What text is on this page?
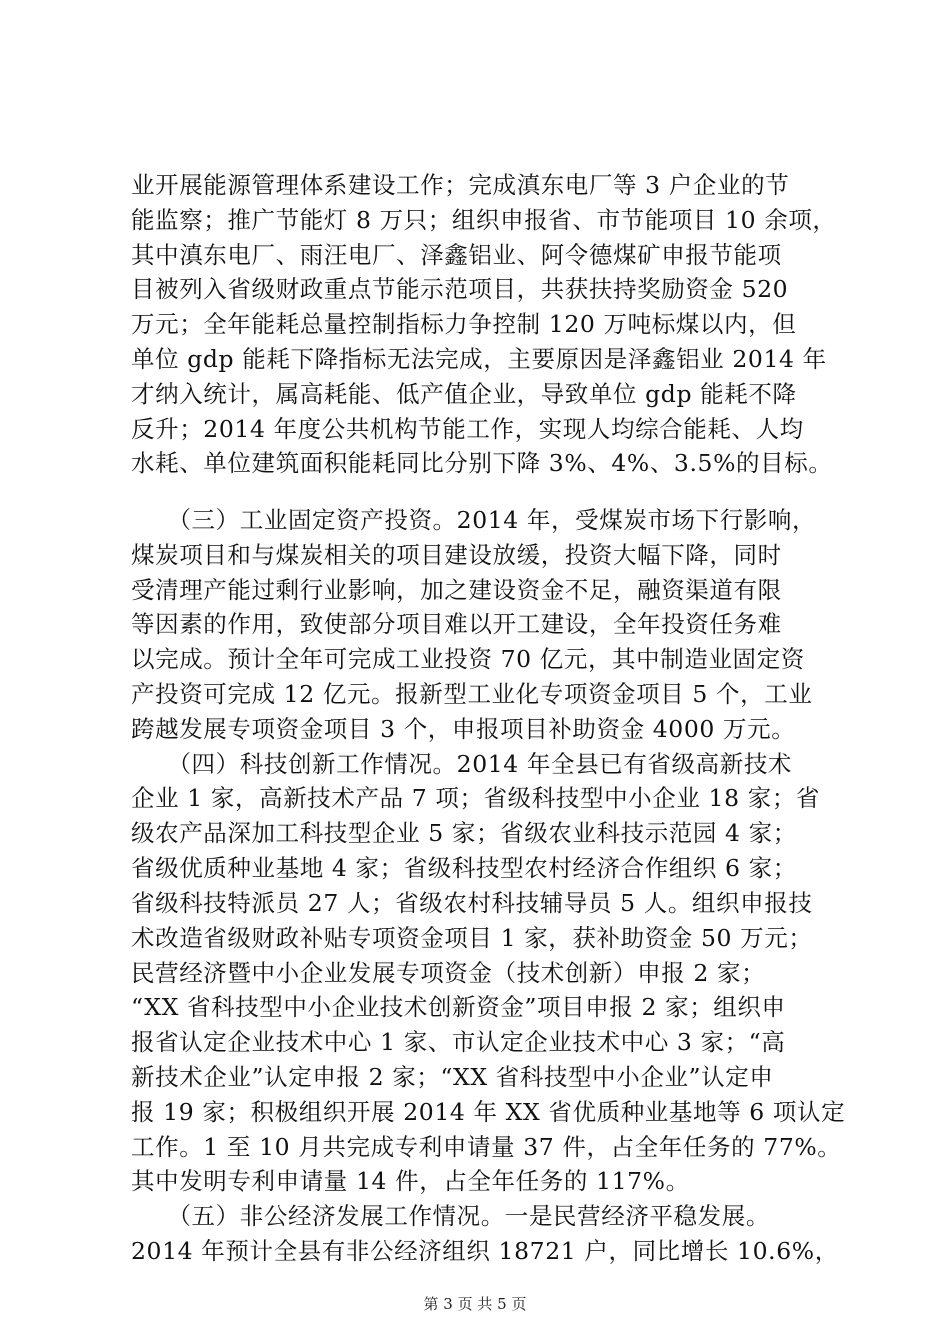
业开展能源管理体系建设工作；完成滇东电厂等 3 户企业的节
能监察；推广节能灯 8 万只；组织申报省、市节能项目 10 余项，
其中滇东电厂、雨汪电厂、泽鑫铝业、阿令德煤矿申报节能项
目被列入省级财政重点节能示范项目，共获扶持奖励资金 520
万元；全年能耗总量控制指标力争控制 120 万吨标煤以内，但
单位 gdp 能耗下降指标无法完成，主要原因是泽鑫铝业 2014 年
才纳入统计，属高耗能、低产值企业，导致单位 gdp 能耗不降
反升；2014 年度公共机构节能工作，实现人均综合能耗、人均
水耗、单位建筑面积能耗同比分别下降 3%、4%、3.5%的目标。
　　（三）工业固定资产投资。2014 年，受煤炭市场下行影响，
煤炭项目和与煤炭相关的项目建设放缓，投资大幅下降，同时
受清理产能过剩行业影响，加之建设资金不足，融资渠道有限
等因素的作用，致使部分项目难以开工建设，全年投资任务难
以完成。预计全年可完成工业投资 70 亿元，其中制造业固定资
产投资可完成 12 亿元。报新型工业化专项资金项目 5 个，工业
跨越发展专项资金项目 3 个，申报项目补助资金 4000 万元。
　　（四）科技创新工作情况。2014 年全县已有省级高新技术
企业 1 家，高新技术产品 7 项；省级科技型中小企业 18 家；省
级农产品深加工科技型企业 5 家；省级农业科技示范园 4 家；
省级优质种业基地 4 家；省级科技型农村经济合作组织 6 家；
省级科技特派员 27 人；省级农村科技辅导员 5 人。组织申报技
术改造省级财政补贴专项资金项目 1 家，获补助资金 50 万元；
民营经济暨中小企业发展专项资金（技术创新）申报 2 家；
“XX 省科技型中小企业技术创新资金”项目申报 2 家；组织申
报省认定企业技术中心 1 家、市认定企业技术中心 3 家；“高
新技术企业”认定申报 2 家；“XX 省科技型中小企业”认定申
报 19 家；积极组织开展 2014 年 XX 省优质种业基地等 6 项认定
工作。1 至 10 月共完成专利申请量 37 件，占全年任务的 77%。
其中发明专利申请量 14 件，占全年任务的 117%。
　　（五）非公经济发展工作情况。一是民营经济平稳发展。
2014 年预计全县有非公经济组织 18721 户，同比增长 10.6%，
第 3 页 共 5 页
